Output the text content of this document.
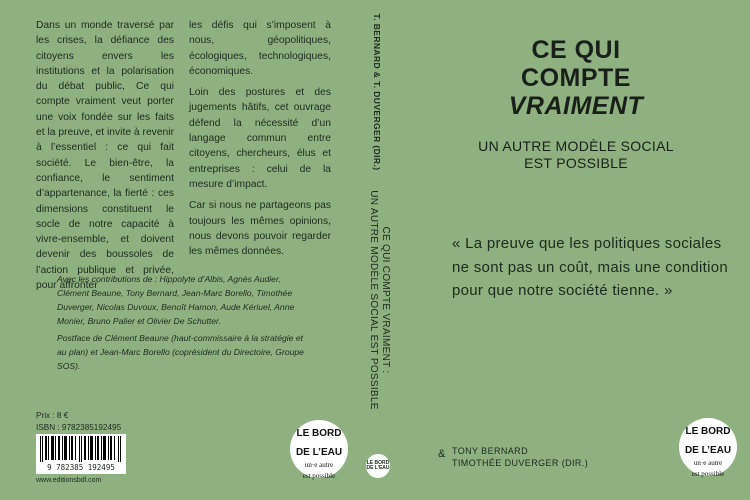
Dans un monde traversé par les crises, la défiance des citoyens envers les institutions et la polarisation du débat public, Ce qui compte vraiment veut porter une voix fondée sur les faits et la preuve, et invite à revenir à l’essentiel : ce qui fait société. Le bien-être, la confiance, le sentiment d’appartenance, la fierté : ces dimensions constituent le socle de notre capacité à vivre-ensemble, et doivent devenir des boussoles de l’action publique et privée, pour affronter

les défis qui s’imposent à nous, géopolitiques, écologiques, technologiques, économiques.

Loin des postures et des jugements hâtifs, cet ouvrage défend la nécessité d’un langage commun entre citoyens, chercheurs, élus et entreprises : celui de la mesure d’impact.

Car si nous ne partageons pas toujours les mêmes opinions, nous devons pouvoir regarder les mêmes données.

Avec les contributions de : Hippolyte d’Albis, Agnès Audier, Clément Beaune, Tony Bernard, Jean-Marc Borello, Timothée Duverger, Nicolas Duvoux, Benoît Hamon, Aude Kériuel, Anne Monier, Bruno Palier et Olivier De Schutter.

Postface de Clément Beaune (haut-commissaire à la stratégie et au plan) et Jean-Marc Borello (coprésident du Directoire, Groupe SOS).

Prix : 8 €
ISBN : 9782385192495
9 782385 192495
www.editionsbdl.com
LE BORD
DE L’EAU
un·e autre
est possible
T. BERNARD & T. DUVERGER (DIR.)
CE QUI COMPTE VRAIMENT :
UN AUTRE MODÈLE SOCIAL EST POSSIBLE
LE BORD
DE L’EAU
CE QUI
COMPTE
VRAIMENT
UN AUTRE MODÈLE SOCIAL
EST POSSIBLE
« La preuve que les politiques sociales ne sont pas un coût, mais une condition pour que notre société tienne. »
& TONY BERNARD
TIMOTHÉE DUVERGER (DIR.)
LE BORD
DE L’EAU
un·e autre
est possible
